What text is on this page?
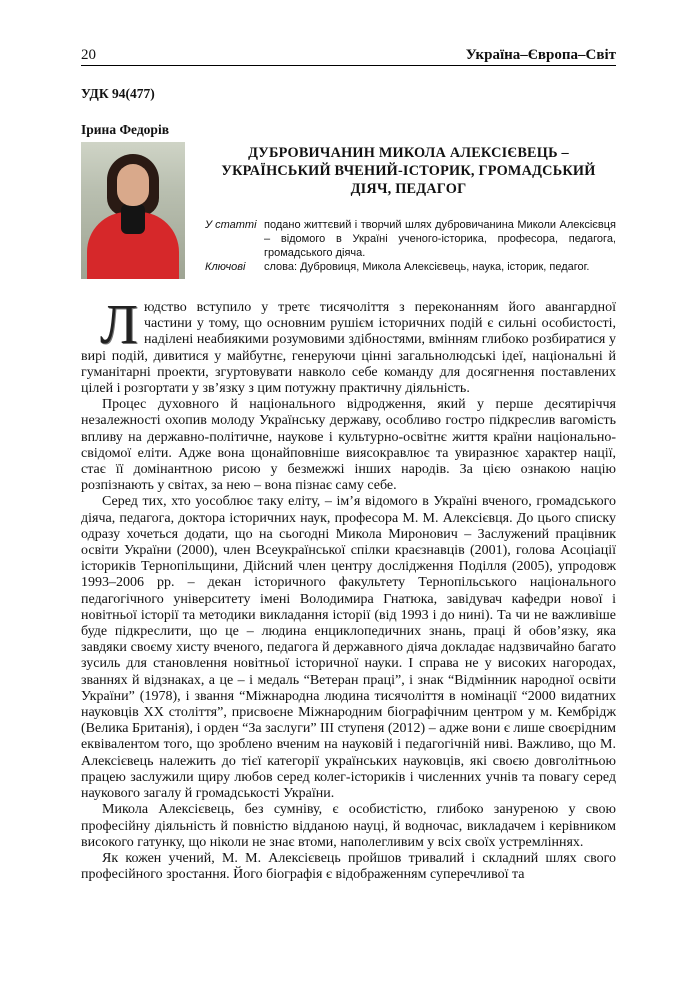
20	Україна–Європа–Світ
УДК 94(477)
Ірина Федорів
ДУБРОВИЧАНИН МИКОЛА АЛЕКСІЄВЕЦЬ – УКРАЇНСЬКИЙ ВЧЕНИЙ-ІСТОРИК, ГРОМАДСЬКИЙ ДІЯЧ, ПЕДАГОГ
У статті подано життєвий і творчий шлях дубровичанина Миколи Алексієвця – відомого в Україні ученого-історика, професора, педагога, громадського діяча.
Ключові	слова: Дубровиця, Микола Алексієвець, наука, історик, педагог.

Людство вступило у третє тисячоліття з переконанням його авангардної частини у тому, що основним рушієм історичних подій є сильні особистості, наділені неабиякими розумовими здібностями, вмінням глибоко розбиратися у вирі подій, дивитися у майбутнє, генеруючи цінні загальнолюдські ідеї, національні й гуманітарні проекти, згуртовувати навколо себе команду для досягнення поставлених цілей і розгортати у зв’язку з цим потужну практичну діяльність.

Процес духовного й національного відродження, який у перше десятиріччя незалежності охопив молоду Українську державу, особливо гостро підкреслив вагомість впливу на державно-політичне, наукове і культурно-освітнє життя країни національно-свідомої еліти. Адже вона щонайповніше виясокравлює та увиразнює характер нації, стає її домінантною рисою у безмежжі інших народів. За цією ознакою націю розпізнають у світах, за нею – вона пізнає саму себе.

Серед тих, хто уособлює таку еліту, – ім’я відомого в Україні вченого, громадського діяча, педагога, доктора історичних наук, професора М. М. Алексієвця. До цього списку одразу хочеться додати, що на сьогодні Микола Миронович – Заслужений працівник освіти України (2000), член Всеукраїнської спілки краєзнавців (2001), голова Асоціації істориків Тернопільщини, Дійсний член центру дослідження Поділля (2005), упродовж 1993–2006 рр. – декан історичного факультету Тернопільського національного педагогічного університету імені Володимира Гнатюка, завідувач кафедри нової і новітньої історії та методики викладання історії (від 1993 і до нині). Та чи не важливіше буде підкреслити, що це – людина енциклопедичних знань, праці й обов’язку, яка завдяки своєму хисту вченого, педагога й державного діяча докладає надзвичайно багато зусиль для становлення новітньої історичної науки. І справа не у високих нагородах, званнях й відзнаках, а це – і медаль “Ветеран праці”, і знак “Відмінник народної освіти України” (1978), і звання “Міжнародна людина тисячоліття в номінації “2000 видатних науковців ХХ століття”, присвоєне Міжнародним біографічним центром у м. Кембрідж (Велика Британія), і орден “За заслуги” ІІІ ступеня (2012) – адже вони є лише своєрідним еквівалентом того, що зроблено вченим на науковій і педагогічній ниві. Важливо, що М. Алексієвець належить до тієї категорії українських науковців, які своєю довголітньою працею заслужили щиру любов серед колег-істориків і численних учнів та повагу серед наукового загалу й громадськості України.

Микола Алексієвець, без сумніву, є особистістю, глибоко зануреною у свою професійну діяльність й повністю відданою науці, й водночас, викладачем і керівником високого гатунку, що ніколи не знає втоми, наполегливим у всіх своїх устремліннях.

Як кожен учений, М. М. Алексієвець пройшов тривалий і складний шлях свого професійного зростання. Його біографія є відображенням суперечливої та
